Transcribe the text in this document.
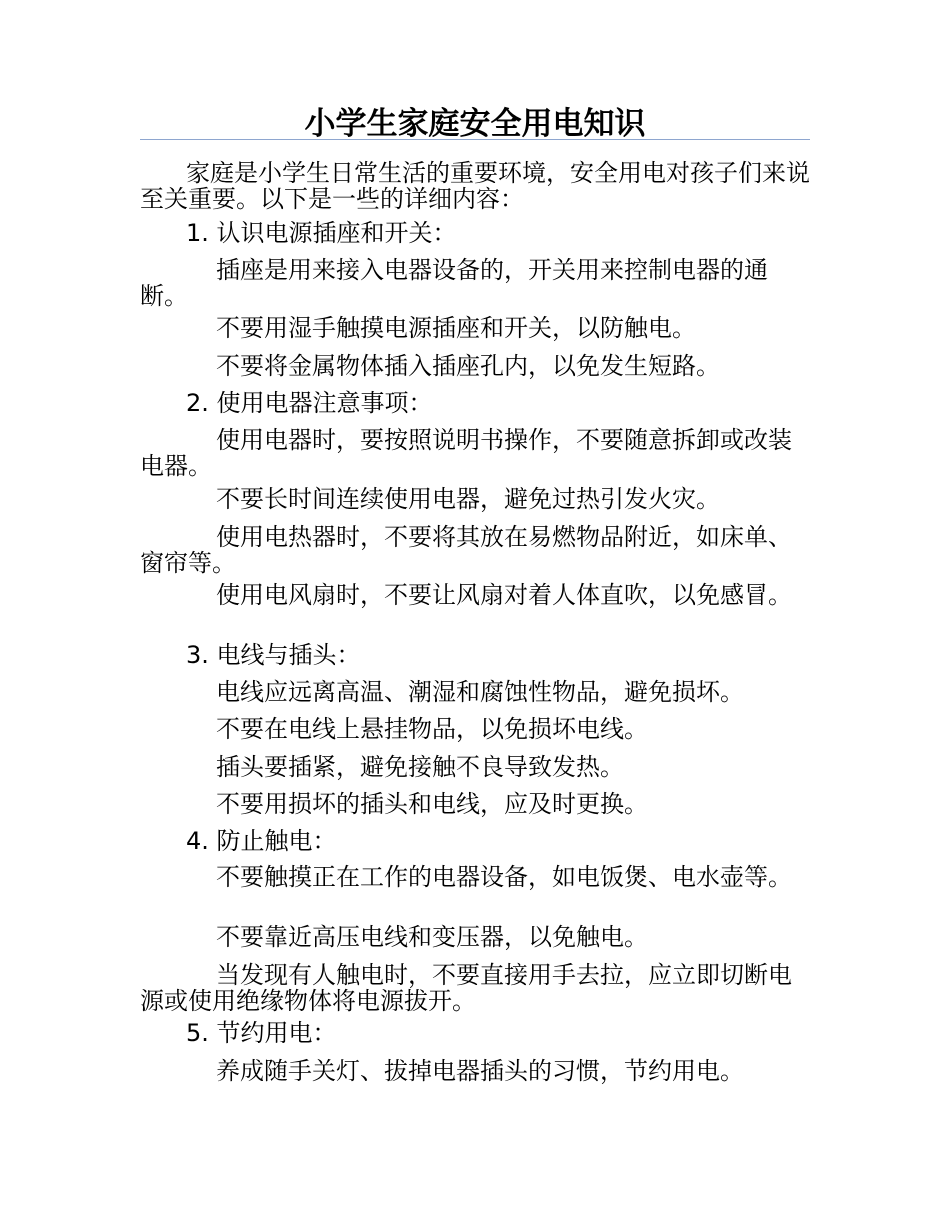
小学生家庭安全用电知识
家庭是小学生日常生活的重要环境，安全用电对孩子们来说至关重要。以下是一些的详细内容：
1. 认识电源插座和开关：
插座是用来接入电器设备的，开关用来控制电器的通断。
不要用湿手触摸电源插座和开关，以防触电。
不要将金属物体插入插座孔内，以免发生短路。
2. 使用电器注意事项：
使用电器时，要按照说明书操作，不要随意拆卸或改装电器。
不要长时间连续使用电器，避免过热引发火灾。
使用电热器时，不要将其放在易燃物品附近，如床单、窗帘等。
使用电风扇时，不要让风扇对着人体直吹，以免感冒。
3. 电线与插头：
电线应远离高温、潮湿和腐蚀性物品，避免损坏。
不要在电线上悬挂物品，以免损坏电线。
插头要插紧，避免接触不良导致发热。
不要用损坏的插头和电线，应及时更换。
4. 防止触电：
不要触摸正在工作的电器设备，如电饭煲、电水壶等。
不要靠近高压电线和变压器，以免触电。
当发现有人触电时，不要直接用手去拉，应立即切断电源或使用绝缘物体将电源拔开。
5. 节约用电：
养成随手关灯、拔掉电器插头的习惯，节约用电。
